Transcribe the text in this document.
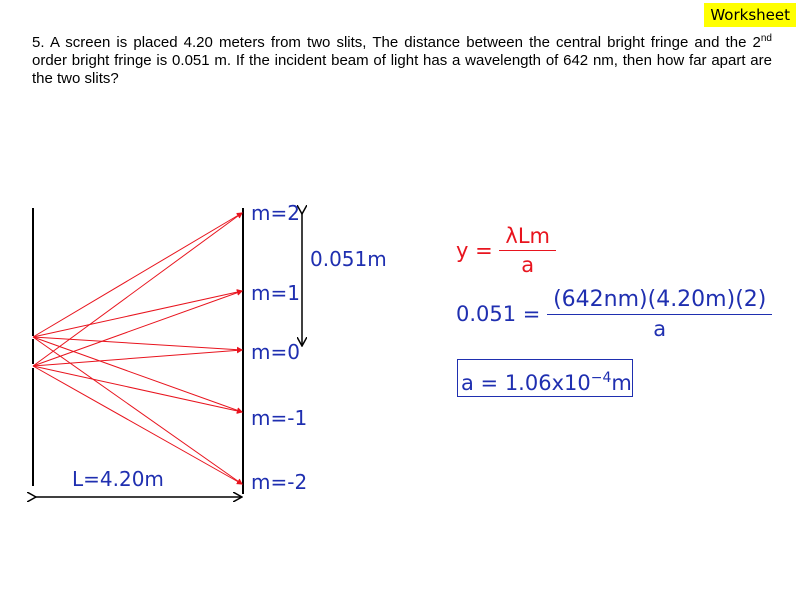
Worksheet
5. A screen is placed 4.20 meters from two slits, The distance between the central bright fringe and the 2nd order bright fringe is 0.051 m. If the incident beam of light has a wavelength of 642 nm, then how far apart are the two slits?
m=2
m=1
m=0
m=-1
m=-2
0.051m
L=4.20m
$y = \frac{\text{λLm}}{a}$
$0.051 = \frac{(642nm)(4.20m)(2)}{a}$
$a = 1.06x10^{-4}m$
